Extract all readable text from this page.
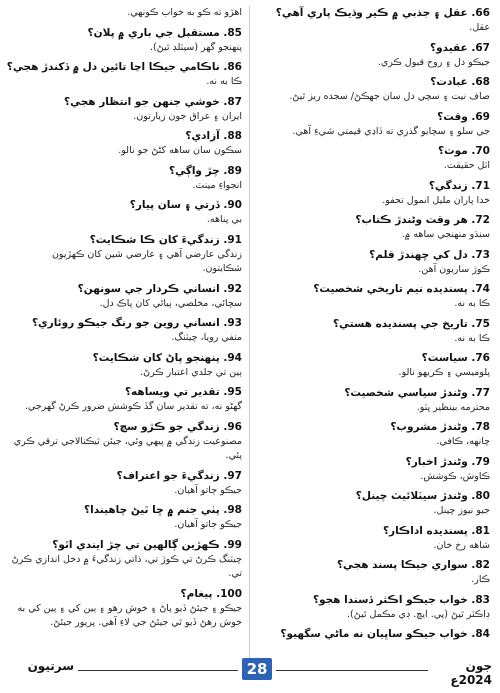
66. عقل ۽ جذبي ۾ ڪير وڌيڪ پاري آهي؟
عقل.
67. عقيدو؟
جيڪو دل ۽ روح قبول ڪري.
68. عبادت؟
صاف نيت ۽ سچي دل سان جهڪڻ/ سجده ريز ٿيڻ.
69. وقت؟
جي سلو ۽ سچايو گذري ته ڏاڍي قيمتي شيءِ آهي.
70. موت؟
اٽل حقيقت.
71. زندگي؟
خدا پاران مليل انمول تحفو.
72. هر وقت وڻندڙ ڪتاب؟
سنڌو منهنجي ساهه ۾.
73. دل کي ڇهندڙ قلم؟
ڪوڙ ساريون آهن.
74. پسنديده نيم تاريخي شخصيت؟
ڪا به نه.
75. تاريخ جي پسنديده هستي؟
ڪا به نه.
76. سياست؟
پلوميسي ۽ ڪريهو نالو.
77. وڻندڙ سياسي شخصيت؟
محترمه بينظير ڀٽو.
78. وڻندڙ مشروب؟
چانهه، ڪافي.
79. وڻندڙ اخبار؟
ڪاوش، ڪوشش.
80. وڻندڙ سيٽلائيٽ چينل؟
جيو نيوز چينل.
81. پسنديده اداڪار؟
شاهه رخ خان.
82. سواري جيڪا پسند هجي؟
ڪار.
83. خواب جيڪو اڪثر ڏسندا هجو؟
ڊاڪٽر ٿيڻ (پي. ايڇ. ڊي مڪمل ٿيڻ).
84. خواب جيڪو ساڀيان نه ماڻي سگهيو؟
اهڙو ته ڪو به خواب ڪونهي.
85. مستقبل جي باري ۾ پلان؟
پنهنجو گهر (سيٽلڊ ٿيڻ).
86. ناڪامي جيڪا اڃا تائين دل ۾ ڏکندڙ هجي؟
ڪا به نه.
87. خوشي جنهن جو انتظار هجي؟
ايران ۽ عراق جون زيارتون.
88. آزادي؟
سڪون سان ساهه کڻڻ جو نالو.
89. چڙ واڳي؟
انجواءِ مينٽ.
90. ڏرتي ۽ سان پيار؟
بي پناهه.
91. زندگيءَ کان ڪا شڪايت؟
زندگي عارضي آهي ۽ عارضي شين کان ڪهڙيون شڪايتون.
92. انساني ڪردار جي سونهن؟
سچائي، مخلصي، ٻيائي کان پاڪ دل.
93. انساني روين جو رنگ جيڪو روئاري؟
منفي رويا، چيٽنگ.
94. پنهنجو پاڻ کان شڪايت؟
ٻين تي جلدي اعتبار ڪرڻ.
95. تقدير تي ويساهه؟
گهڻو نه، ته تقدير سان گڏ ڪوشش ضرور ڪرڻ گهرجي.
96. زندگي جو ڪڙو سچ؟
مصنوعيت زندگي ۾ پيهي وئي، جيئن ٽيڪنالاجي ترقي ڪري پئي.
97. زندگيءَ جو اعتراف؟
جيڪو ڄاتو آهيان.
98. پٺي جنم ۾ ڇا ٿيڻ چاهيندا؟
جيڪو ڄاتو آهيان.
99. ڪهڙين ڳالهين تي چڙ ايندي اٿو؟
چيٽنگ ڪرڻ تي ڪوڙ تي، ذاتي زندگيءَ ۾ دخل اندازي ڪرڻ تي.
100. پيغام؟
جيڪو ۽ جيئڻ ڏيو پاڻ ۽ خوش رهو ۽ ٻين کي ۽ ٻين کي به خوش رهڻ ڏيو ٿي جيئڻ جي لاءِ آهي. پريور جيئڻ.
سرتيون	28	جون 2024ع
